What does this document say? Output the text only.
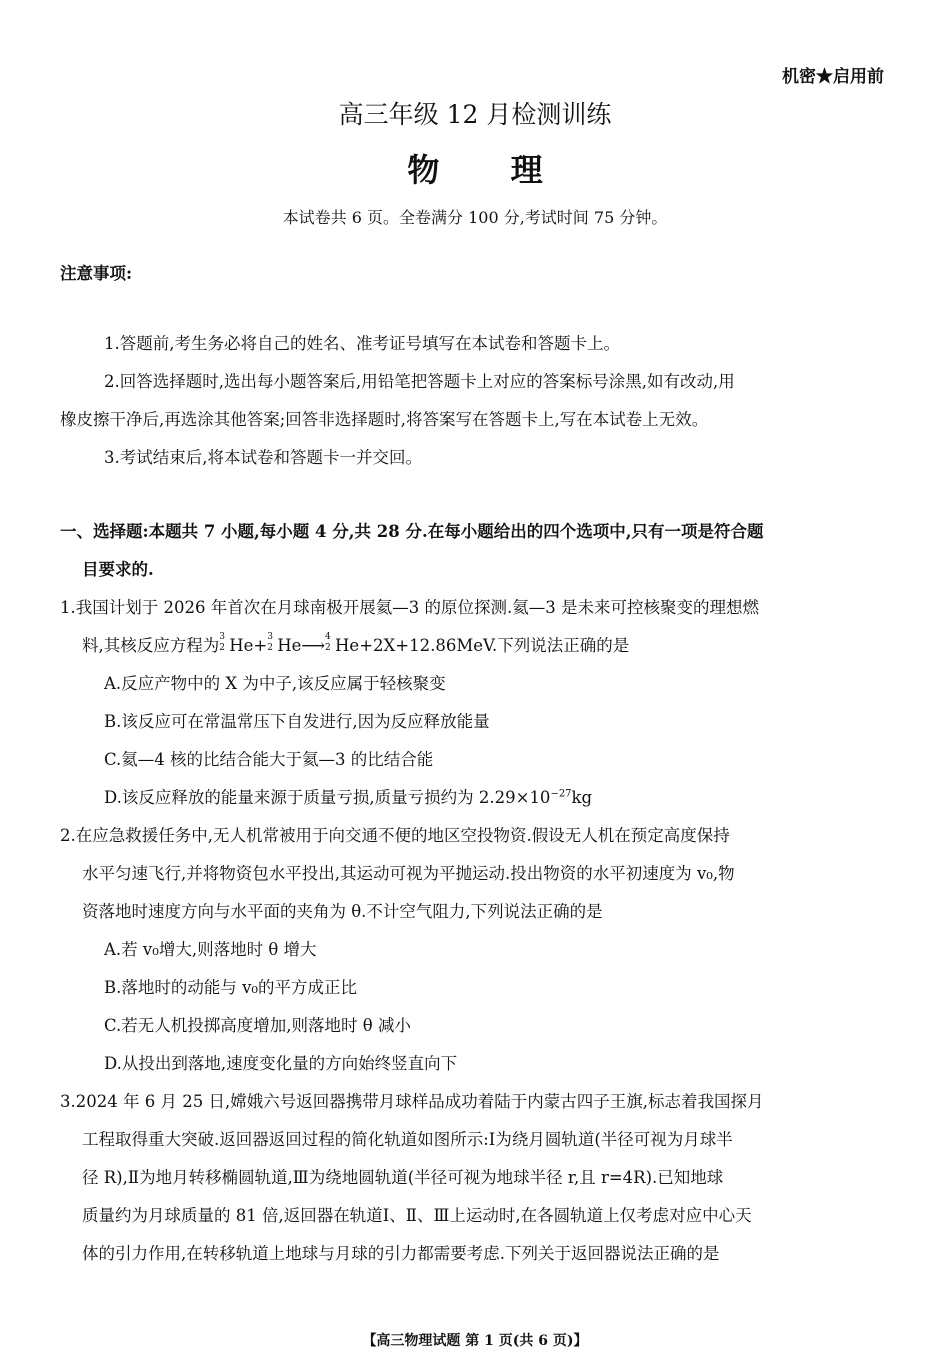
机密★启用前
高三年级 12 月检测训练
物 理
本试卷共 6 页。全卷满分 100 分,考试时间 75 分钟。
注意事项:
1.答题前,考生务必将自己的姓名、准考证号填写在本试卷和答题卡上。
2.回答选择题时,选出每小题答案后,用铅笔把答题卡上对应的答案标号涂黑,如有改动,用
橡皮擦干净后,再选涂其他答案;回答非选择题时,将答案写在答题卡上,写在本试卷上无效。
3.考试结束后,将本试卷和答题卡一并交回。
一、选择题:本题共 7 小题,每小题 4 分,共 28 分.在每小题给出的四个选项中,只有一项是符合题
目要求的.
1.我国计划于 2026 年首次在月球南极开展氦—3 的原位探测.氦—3 是未来可控核聚变的理想燃
料,其核反应方程为 3
2 He+ 3
2 He⟶ 4
2 He+2X+12.86MeV.下列说法正确的是
A.反应产物中的 X 为中子,该反应属于轻核聚变
B.该反应可在常温常压下自发进行,因为反应释放能量
C.氦—4 核的比结合能大于氦—3 的比结合能
D.该反应释放的能量来源于质量亏损,质量亏损约为 $2.29\times 10^{-27}kg$
2.在应急救援任务中,无人机常被用于向交通不便的地区空投物资.假设无人机在预定高度保持
水平匀速飞行,并将物资包水平投出,其运动可视为平抛运动.投出物资的水平初速度为 v₀,物
资落地时速度方向与水平面的夹角为 θ.不计空气阻力,下列说法正确的是
A.若 v₀增大,则落地时 θ 增大
B.落地时的动能与 v₀的平方成正比
C.若无人机投掷高度增加,则落地时 θ 减小
D.从投出到落地,速度变化量的方向始终竖直向下
3.2024 年 6 月 25 日,嫦娥六号返回器携带月球样品成功着陆于内蒙古四子王旗,标志着我国探月
工程取得重大突破.返回器返回过程的简化轨道如图所示:Ⅰ为绕月圆轨道(半径可视为月球半
径 R),Ⅱ为地月转移椭圆轨道,Ⅲ为绕地圆轨道(半径可视为地球半径 r,且 r=4R).已知地球
质量约为月球质量的 81 倍,返回器在轨道Ⅰ、Ⅱ、Ⅲ上运动时,在各圆轨道上仅考虑对应中心天
体的引力作用,在转移轨道上地球与月球的引力都需要考虑.下列关于返回器说法正确的是
【高三物理试题 第 1 页(共 6 页)】
